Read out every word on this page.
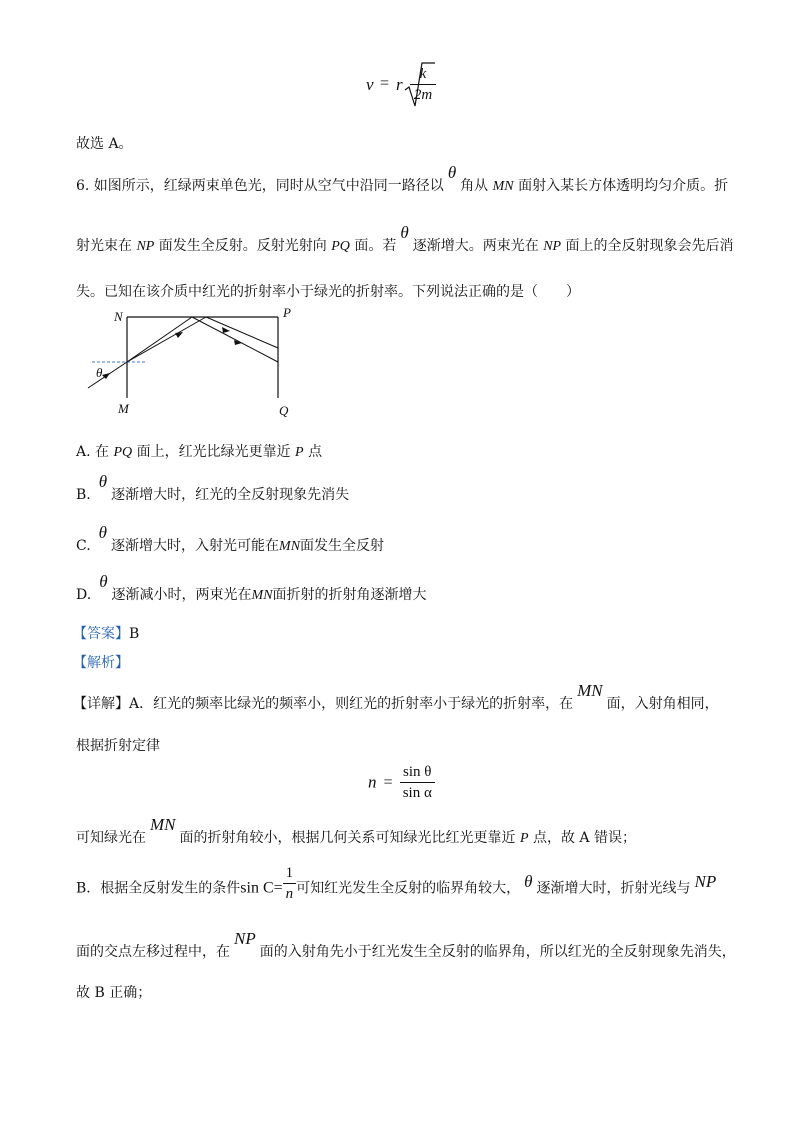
v = r $\frac{k}{2m}$
故选 A。
6. 如图所示，红绿两束单色光，同时从空气中沿同一路径以θ角从 MN 面射入某长方体透明均匀介质。折
射光束在 NP 面发生全反射。反射光射向 PQ 面。若θ逐渐增大。两束光在 NP 面上的全反射现象会先后消
失。已知在该介质中红光的折射率小于绿光的折射率。下列说法正确的是（　　）
N	P
M	Q
θ
A. 在 PQ 面上，红光比绿光更靠近 P 点
B.θ逐渐增大时，红光的全反射现象先消失
C.θ逐渐增大时，入射光可能在MN面发生全反射
D.θ逐渐减小时，两束光在MN面折射的折射角逐渐增大
【答案】B
【解析】
【详解】A．红光的频率比绿光的频率小，则红光的折射率小于绿光的折射率，在MN面，入射角相同，
根据折射定律
$n = \frac{\text{sin θ}}{\text{sin α}}$
可知绿光在MN面的折射角较小，根据几何关系可知绿光比红光更靠近 P 点，故 A 错误；
B．根据全反射发生的条件$\sin C= \frac{1}{n}$ 可知红光发生全反射的临界角较大， θ 逐渐增大时，折射光线与 NP
面的交点左移过程中，在NP面的入射角先小于红光发生全反射的临界角，所以红光的全反射现象先消失，
故 B 正确；
